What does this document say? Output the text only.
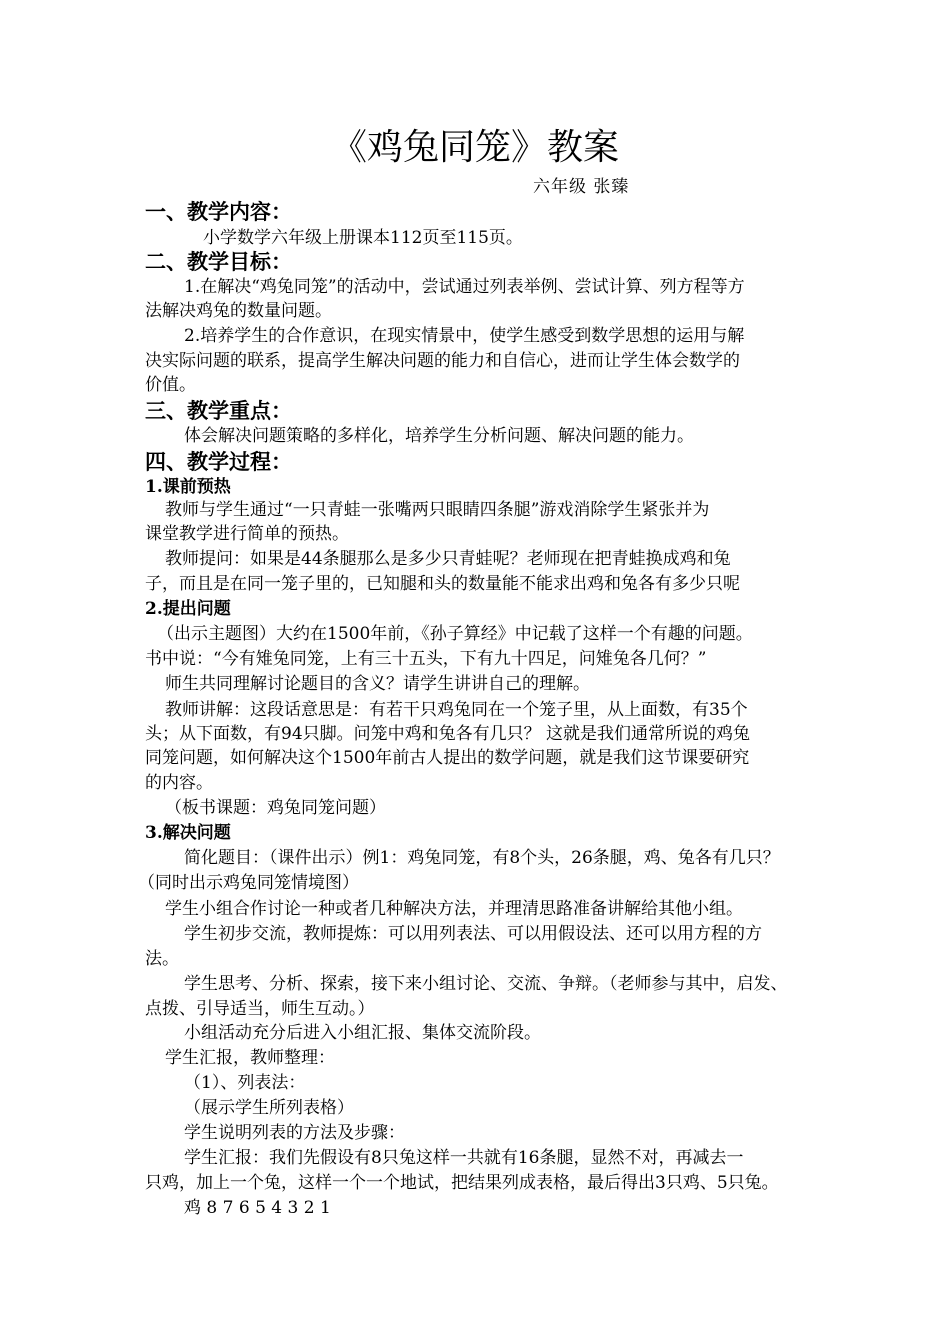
《鸡兔同笼》教案
六年级 张臻
一、教学内容：
小学数学六年级上册课本112页至115页。
二、教学目标：
1.在解决“鸡兔同笼”的活动中，尝试通过列表举例、尝试计算、列方程等方
法解决鸡兔的数量问题。
2.培养学生的合作意识，在现实情景中，使学生感受到数学思想的运用与解
决实际问题的联系，提高学生解决问题的能力和自信心，进而让学生体会数学的
价值。
三、教学重点：
体会解决问题策略的多样化，培养学生分析问题、解决问题的能力。
四、教学过程：
1.课前预热
教师与学生通过“一只青蛙一张嘴两只眼睛四条腿”游戏消除学生紧张并为
课堂教学进行简单的预热。
教师提问：如果是44条腿那么是多少只青蛙呢？老师现在把青蛙换成鸡和兔
子，而且是在同一笼子里的，已知腿和头的数量能不能求出鸡和兔各有多少只呢
2.提出问题
（出示主题图）大约在1500年前，《孙子算经》中记载了这样一个有趣的问题。
书中说：“今有雉兔同笼，上有三十五头，下有九十四足，问雉兔各几何？”
师生共同理解讨论题目的含义？请学生讲讲自己的理解。
教师讲解：这段话意思是：有若干只鸡兔同在一个笼子里，从上面数，有35个
头；从下面数，有94只脚。问笼中鸡和兔各有几只？ 这就是我们通常所说的鸡兔
同笼问题，如何解决这个1500年前古人提出的数学问题，就是我们这节课要研究
的内容。
（板书课题：鸡兔同笼问题）
3.解决问题
简化题目：（课件出示）例1：鸡兔同笼，有8个头，26条腿，鸡、兔各有几只？
（同时出示鸡兔同笼情境图）
学生小组合作讨论一种或者几种解决方法，并理清思路准备讲解给其他小组。
学生初步交流，教师提炼：可以用列表法、可以用假设法、还可以用方程的方
法。
学生思考、分析、探索，接下来小组讨论、交流、争辩。（老师参与其中，启发、
点拨、引导适当，师生互动。）
小组活动充分后进入小组汇报、集体交流阶段。
学生汇报，教师整理：
（1）、列表法：
（展示学生所列表格）
学生说明列表的方法及步骤：
学生汇报：我们先假设有8只兔这样一共就有16条腿，显然不对，再减去一
只鸡，加上一个兔，这样一个一个地试，把结果列成表格，最后得出3只鸡、5只兔。
鸡 8 7 6 5 4 3 2 1
